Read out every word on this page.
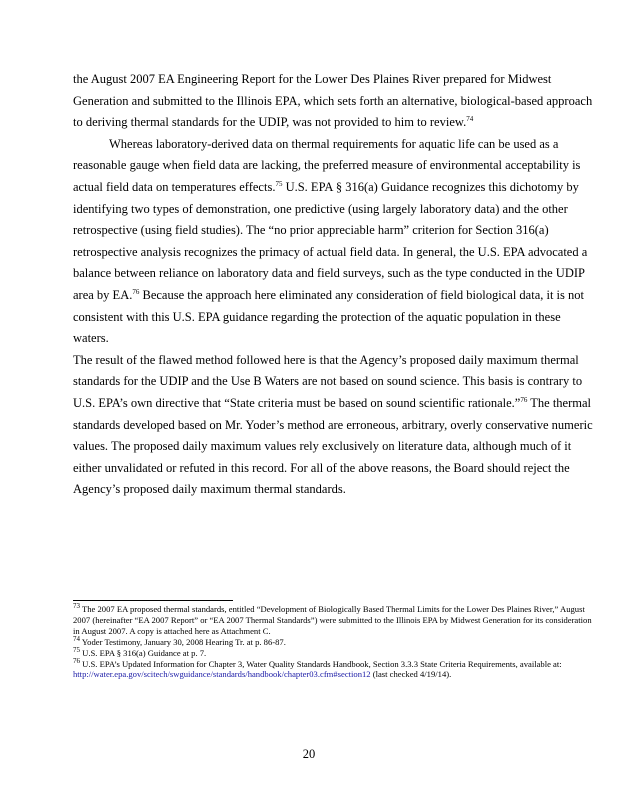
the August 2007 EA Engineering Report for the Lower Des Plaines River prepared for Midwest Generation and submitted to the Illinois EPA, which sets forth an alternative, biological-based approach to deriving thermal standards for the UDIP, was not provided to him to review.$^{74}$

Whereas laboratory-derived data on thermal requirements for aquatic life can be used as a reasonable gauge when field data are lacking, the preferred measure of environmental acceptability is actual field data on temperatures effects.$^{75}$ U.S. EPA § 316(a) Guidance recognizes this dichotomy by identifying two types of demonstration, one predictive (using largely laboratory data) and the other retrospective (using field studies). The “no prior appreciable harm” criterion for Section 316(a) retrospective analysis recognizes the primacy of actual field data. In general, the U.S. EPA advocated a balance between reliance on laboratory data and field surveys, such as the type conducted in the UDIP area by EA.$^{76}$ Because the approach here eliminated any consideration of field biological data, it is not consistent with this U.S. EPA guidance regarding the protection of the aquatic population in these waters.

The result of the flawed method followed here is that the Agency’s proposed daily maximum thermal standards for the UDIP and the Use B Waters are not based on sound science. This basis is contrary to U.S. EPA’s own directive that “State criteria must be based on sound scientific rationale.”$^{76}$ The thermal standards developed based on Mr. Yoder’s method are erroneous, arbitrary, overly conservative numeric values. The proposed daily maximum values rely exclusively on literature data, although much of it either unvalidated or refuted in this record. For all of the above reasons, the Board should reject the Agency’s proposed daily maximum thermal standards.

$^{73}$ The 2007 EA proposed thermal standards, entitled “Development of Biologically Based Thermal Limits for the Lower Des Plaines River,” August 2007 (hereinafter “EA 2007 Report” or “EA 2007 Thermal Standards”) were submitted to the Illinois EPA by Midwest Generation for its consideration in August 2007. A copy is attached here as Attachment C.

$^{74}$ Yoder Testimony, January 30, 2008 Hearing Tr. at p. 86-87.

$^{75}$ U.S. EPA § 316(a) Guidance at p. 7.

$^{76}$ U.S. EPA’s Updated Information for Chapter 3, Water Quality Standards Handbook, Section 3.3.3 State Criteria Requirements, available at: http://water.epa.gov/scitech/swguidance/standards/handbook/chapter03.cfm#section12 (last checked 4/19/14).

20
